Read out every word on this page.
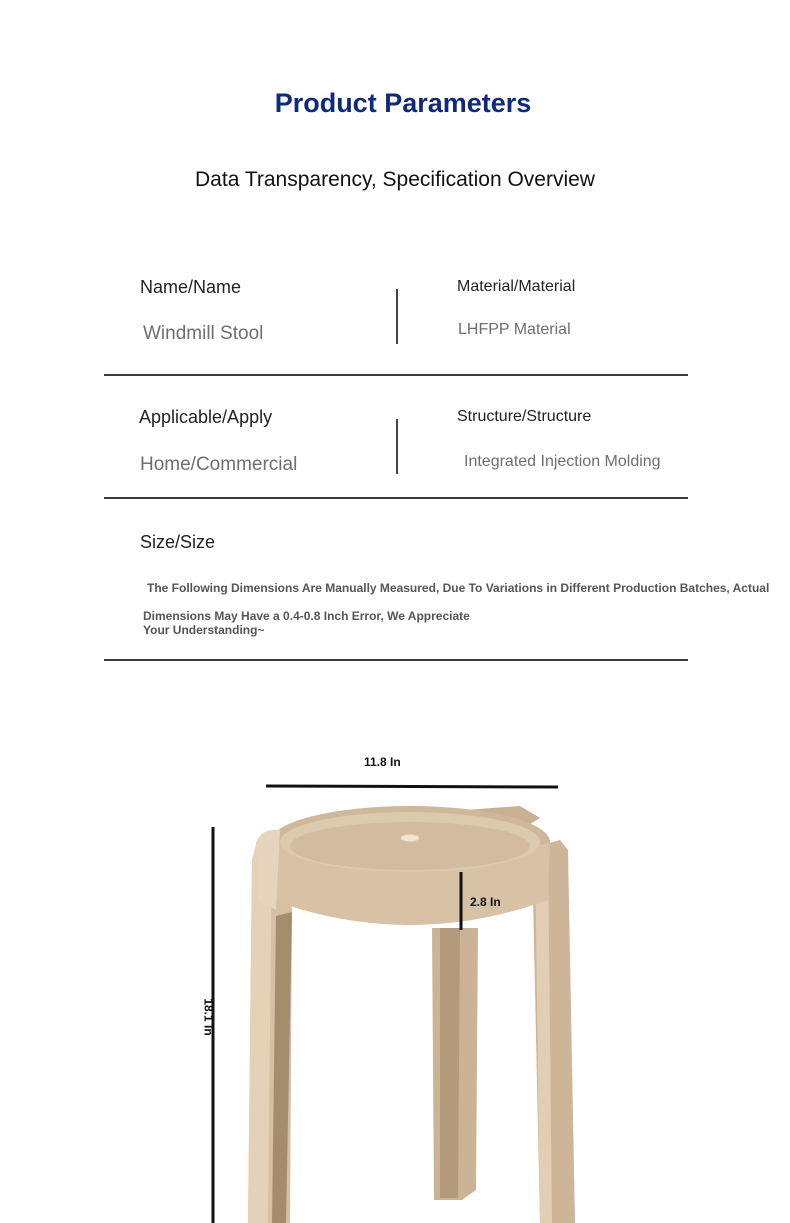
Product Parameters
Data Transparency, Specification Overview
Name/Name
Windmill Stool
Material/Material
LHFPP Material
Applicable/Apply
Home/Commercial
Structure/Structure
Integrated Injection Molding
Size/Size
The Following Dimensions Are Manually Measured, Due To Variations in Different Production Batches, Actual
Dimensions May Have a 0.4-0.8 Inch Error, We Appreciate
Your Understanding~
11.8 In
2.8 In
18.1 In
